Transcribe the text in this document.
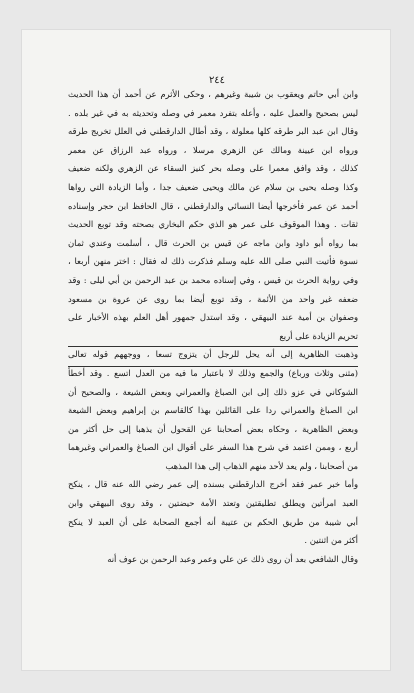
٢٤٤
وابن أبي حاتم ويعقوب بن شيبة وغيرهم ، وحكى الأثرم عن أحمد أن هذا الحديث
ليس بصحيح والعمل عليه ، وأعله بتفرد معمر في وصله وتحديثه به في غير بلده .
وقال ابن عبد البر طرقه كلها معلولة ، وقد أطال الدارقطني في العلل تخريج طرقه
ورواه ابن عيينة ومالك عن الزهري مرسلا ، ورواه عبد الرزاق عن معمر
كذلك ، وقد وافق معمرا على وصله بحر كنيز السقاء عن الزهري ولكنه ضعيف
وكذا وصله يحيى بن سلام عن مالك ويحيى ضعيف جدا ، وأما الزيادة التي رواها
أحمد عن عمر فأخرجها أيضا النسائي والدارقطني ، قال الحافظ ابن حجر وإسناده
ثقات . وهذا الموقوف على عمر هو الذي حكم البخاري بصحته وقد توبع الحديث
بما رواه أبو داود وابن ماجه عن قيس بن الحرث قال ، أسلمت وعندي ثمان
نسوة فأتيت النبي صلى الله عليه وسلم فذكرت ذلك له فقال : اختر منهن أربعا ،
وفي رواية الحرث بن قيس ، وفي إسناده محمد بن عبد الرحمن بن أبي ليلى : وقد
ضعفه غير واحد من الأئمة ، وقد توبع أيضا بما روى عن عروة بن مسعود
وصفوان بن أمية عند البيهقي ، وقد استدل جمهور أهل العلم بهذه الأخبار على
تحريم الزيادة على أربع
وذهبت الظاهرية إلى أنه يحل للرجل أن يتزوج تسعا ، ووجههم قوله تعالى
(مثنى وثلاث ورباع) والجمع وذلك لا باعتبار ما فيه من العدل اتسع . وقد أخطأ
الشوكاني في عزو ذلك إلى ابن الصباغ والعمراني وبعض الشيعة ، والصحيح أن
ابن الصباغ والعمراني ردا على القائلين بهذا كالقاسم بن إبراهيم وبعض الشيعة
وبعض الظاهرية ، وحكاه بعض أصحابنا عن القحول أن يذهبا إلى حل أكثر من
أربع ، وممن اعتمد في شرح هذا السفر على أقوال ابن الصباغ والعمراني وغيرهما
من أصحابنا ، ولم يعد لأحد منهم الذهاب إلى هذا المذهب
وأما خبر عمر فقد أخرج الدارقطني بسنده إلى عمر رضي الله عنه قال ، ينكح
العبد امرأتين ويطلق تطليقتين وتعتد الأمة حيضتين ، وقد روى البيهقي وابن
أبي شيبة من طريق الحكم بن عتيبة أنه أجمع الصحابة على أن العبد لا ينكح
أكثر من اثنتين .
وقال الشافعي بعد أن روى ذلك عن علي وعمر وعبد الرحمن بن عوف أنه
